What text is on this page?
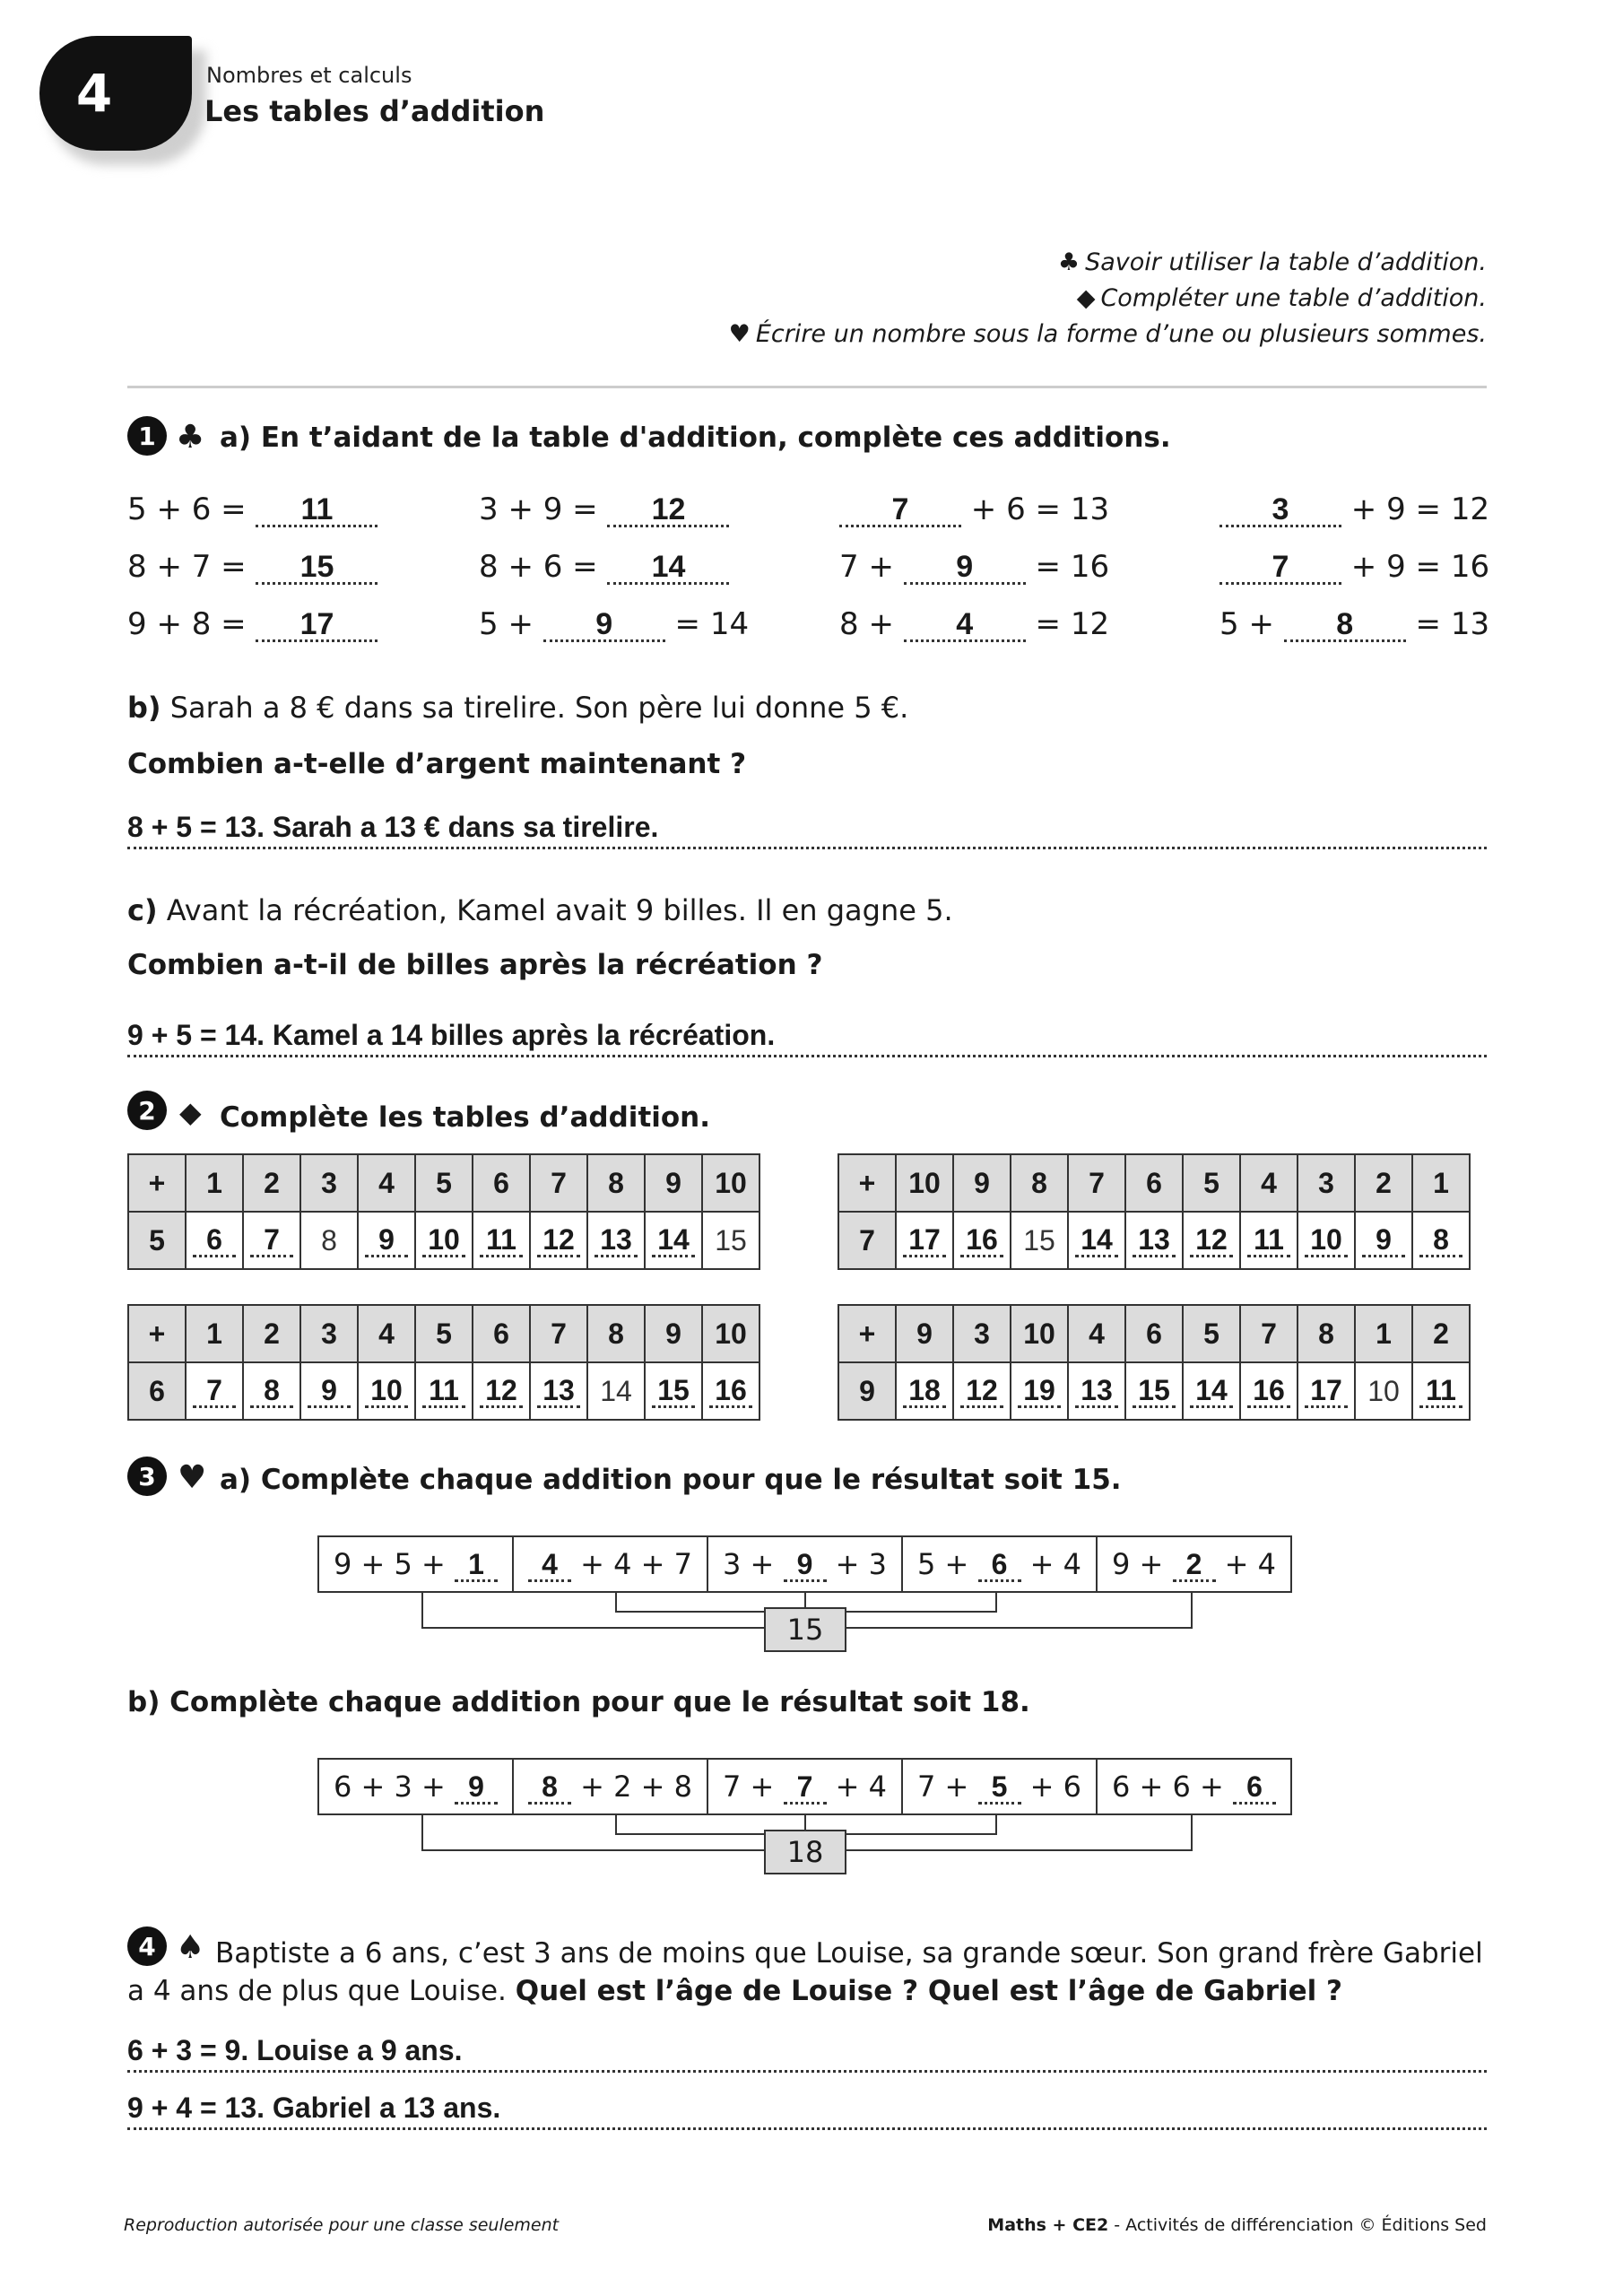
4	Nombres et calculs
Les tables d’addition
♣ Savoir utiliser la table d’addition.
◆ Compléter une table d’addition.
♥ Écrire un nombre sous la forme d’une ou plusieurs sommes.
1 ♣ a) En t’aidant de la table d'addition, complète ces additions.
5 + 6 = 11	3 + 9 = 12	7 + 6 = 13	3 + 9 = 12
8 + 7 = 15	8 + 6 = 14	7 + 9 = 16	7 + 9 = 16
9 + 8 = 17	5 + 9 = 14	8 + 4 = 12	5 + 8 = 13
b) Sarah a 8 € dans sa tirelire. Son père lui donne 5 €.
Combien a-t-elle d’argent maintenant ?
8 + 5 = 13. Sarah a 13 € dans sa tirelire.
c) Avant la récréation, Kamel avait 9 billes. Il en gagne 5.
Combien a-t-il de billes après la récréation ?
9 + 5 = 14. Kamel a 14 billes après la récréation.
2 ◆ Complète les tables d’addition.
+	1	2	3	4	5	6	7	8	9	10
5	6	7	8	9	10	11	12	13	14	15
+	10	9	8	7	6	5	4	3	2	1
7	17	16	15	14	13	12	11	10	9	8
+	1	2	3	4	5	6	7	8	9	10
6	7	8	9	10	11	12	13	14	15	16
+	9	3	10	4	6	5	7	8	1	2
9	18	12	19	13	15	14	16	17	10	11
3 ♥ a) Complète chaque addition pour que le résultat soit 15.
9 + 5 + 1	4 + 4 + 7 3 + 9 + 3 5 + 6 + 4 9 + 2 + 4
15
b) Complète chaque addition pour que le résultat soit 18.
6 + 3 + 9	8 + 2 + 8 7 + 7 + 4 7 + 5 + 6 6 + 6 + 6
18
4 ♠ Baptiste a 6 ans, c’est 3 ans de moins que Louise, sa grande sœur. Son grand frère Gabriel
a 4 ans de plus que Louise. Quel est l’âge de Louise ? Quel est l’âge de Gabriel ?
6 + 3 = 9. Louise a 9 ans.
9 + 4 = 13. Gabriel a 13 ans.
Reproduction autorisée pour une classe seulement	Maths + CE2 - Activités de différenciation © Éditions Sed
